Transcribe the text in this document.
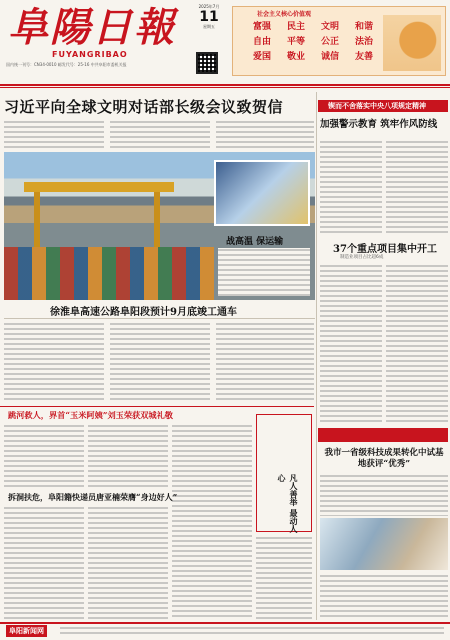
阜陽日報
FUYANGRIBAO
国内统一刊号：CN34-0010 邮发代号：25-16 中共阜阳市委机关报
2025年7月
11
星期五
社会主义核心价值观
富强	民主	文明	和谐
自由	平等	公正	法治
爱国	敬业	诚信	友善
习近平向全球文明对话部长级会议致贺信
战高温 保运输
徐淮阜高速公路阜阳段预计9月底竣工通车
锲而不舍落实中央八项规定精神
加强警示教育 筑牢作风防线
37个重点项目集中开工
制造业项目占比超6成
我市一省级科技成果转化中试基地获评“优秀”
跳河救人，界首“玉米阿姨”刘玉荣获双城礼敬
拆洞扶危，阜阳籍快递员唐亚楠荣膺“身边好人”	凡人善举 最动人心
阜阳新闻网
